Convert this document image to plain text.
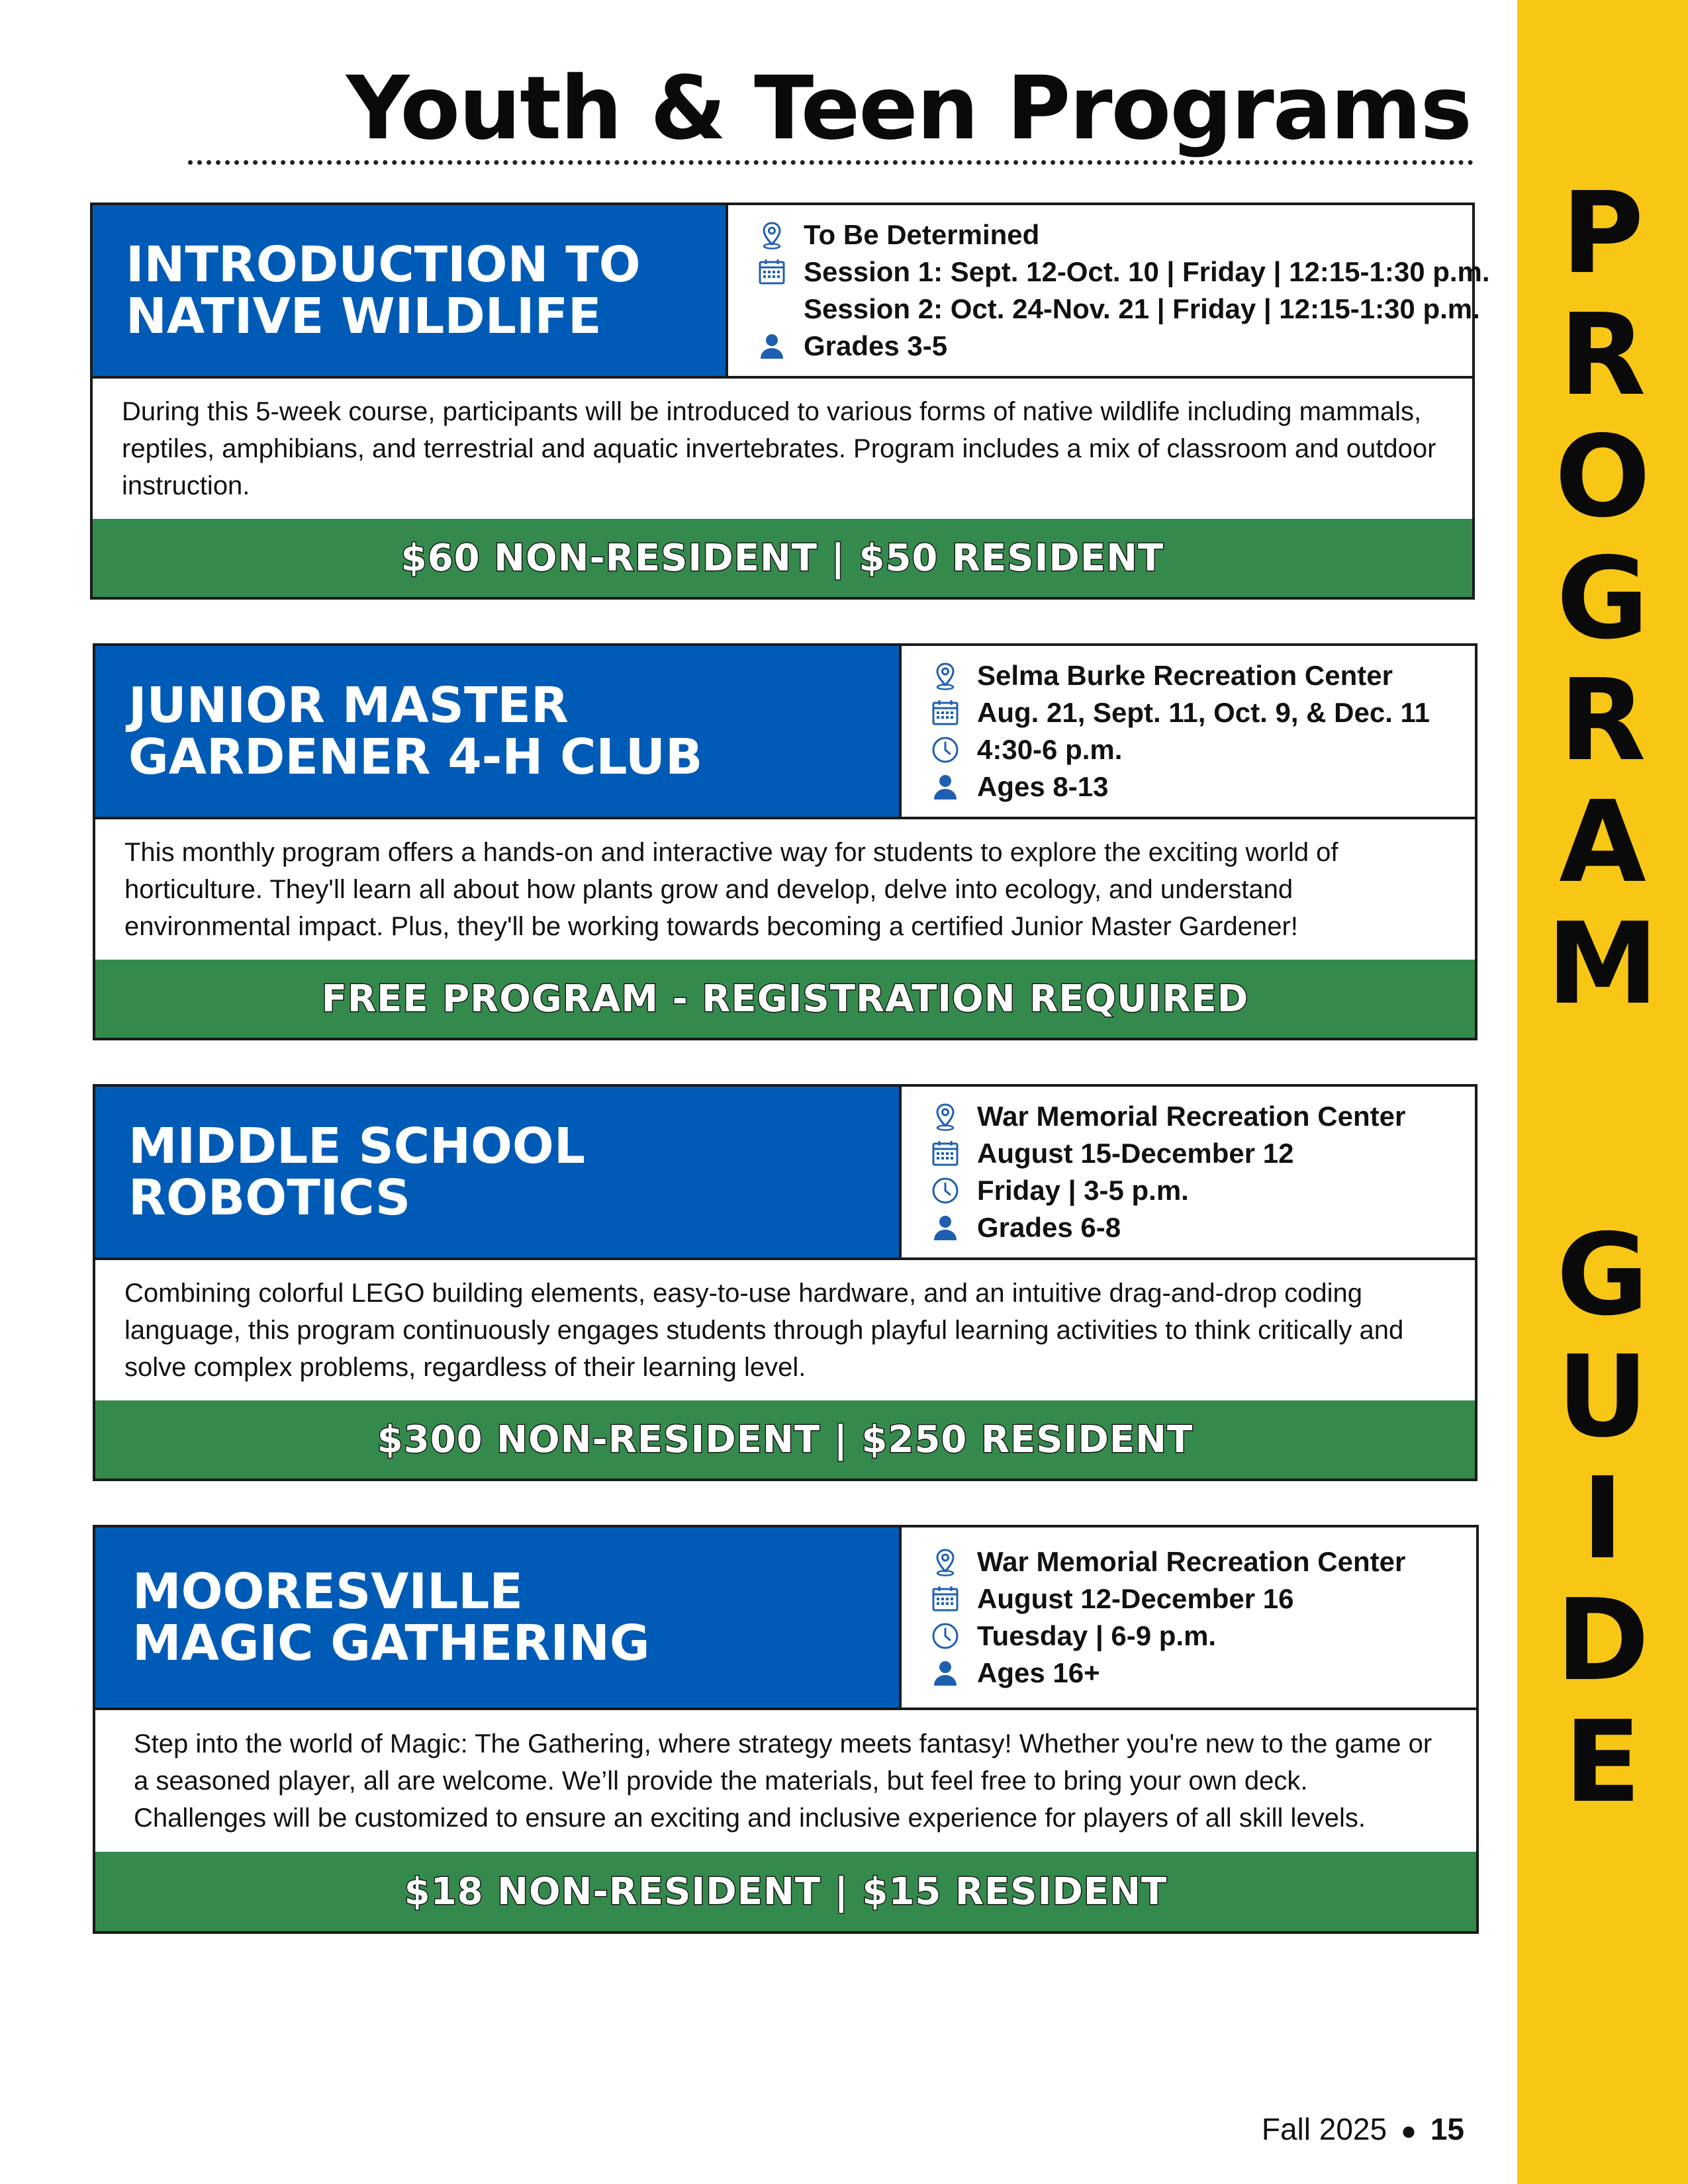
Youth & Teen Programs
P
R
O
G
R
A
M
G
U
I
D
E
INTRODUCTION TO
NATIVE WILDLIFE
To Be Determined
Session 1: Sept. 12-Oct. 10 | Friday | 12:15-1:30 p.m.
Session 2: Oct. 24-Nov. 21 | Friday | 12:15-1:30 p.m.
Grades 3-5

During this 5-week course, participants will be introduced to various forms of native wildlife including mammals, reptiles, amphibians, and terrestrial and aquatic invertebrates. Program includes a mix of classroom and outdoor instruction.

$60 NON-RESIDENT | $50 RESIDENT
JUNIOR MASTER
GARDENER 4-H CLUB
Selma Burke Recreation Center
Aug. 21, Sept. 11, Oct. 9, & Dec. 11
4:30-6 p.m.
Ages 8-13

This monthly program offers a hands-on and interactive way for students to explore the exciting world of horticulture. They'll learn all about how plants grow and develop, delve into ecology, and understand environmental impact. Plus, they'll be working towards becoming a certified Junior Master Gardener!

FREE PROGRAM - REGISTRATION REQUIRED
MIDDLE SCHOOL
ROBOTICS
War Memorial Recreation Center
August 15-December 12
Friday | 3-5 p.m.
Grades 6-8

Combining colorful LEGO building elements, easy-to-use hardware, and an intuitive drag-and-drop coding language, this program continuously engages students through playful learning activities to think critically and solve complex problems, regardless of their learning level.

$300 NON-RESIDENT | $250 RESIDENT
MOORESVILLE
MAGIC GATHERING
War Memorial Recreation Center
August 12-December 16
Tuesday | 6-9 p.m.
Ages 16+

Step into the world of Magic: The Gathering, where strategy meets fantasy! Whether you're new to the game or a seasoned player, all are welcome. We’ll provide the materials, but feel free to bring your own deck. Challenges will be customized to ensure an exciting and inclusive experience for players of all skill levels.

$18 NON-RESIDENT | $15 RESIDENT
Fall 2025 ● 15
